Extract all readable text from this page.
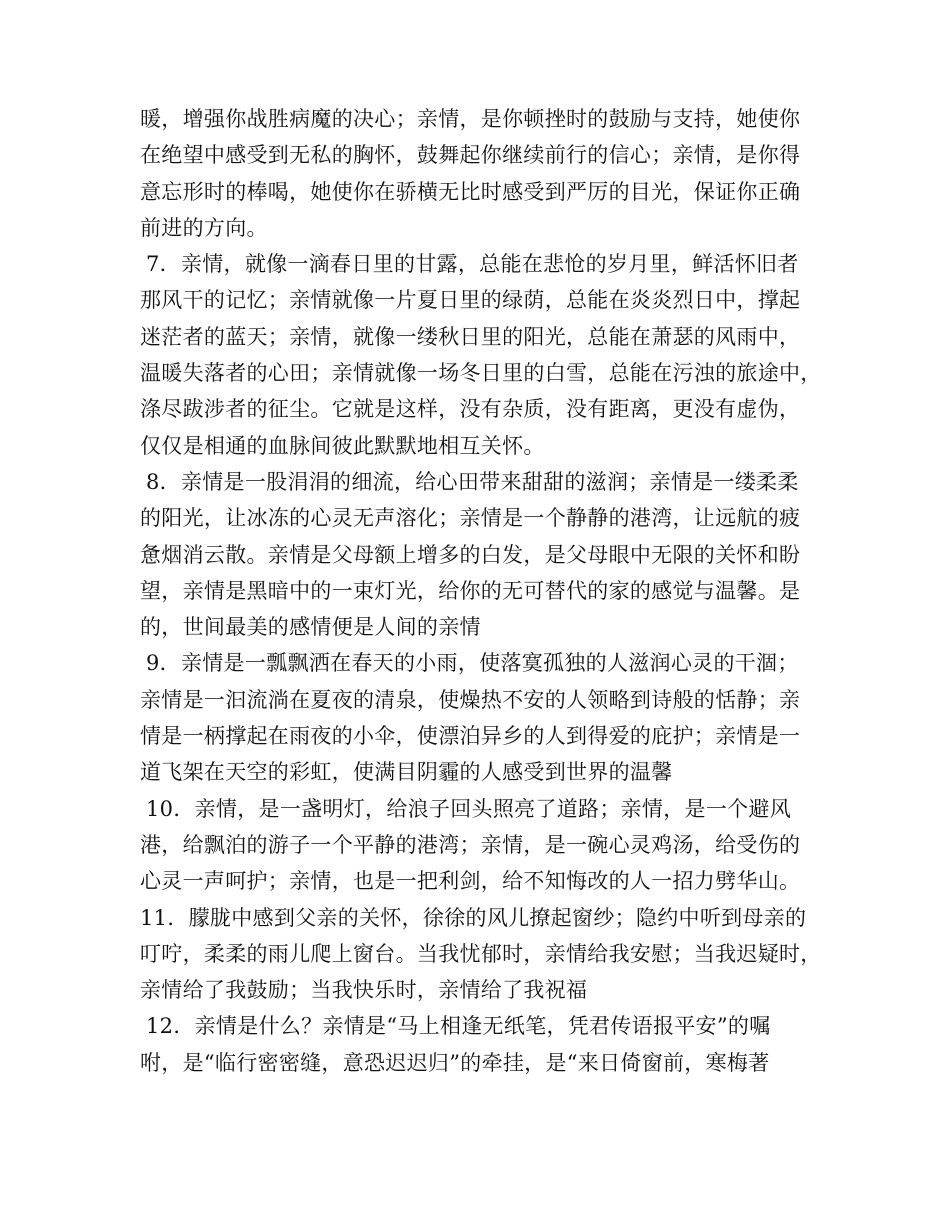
暖，增强你战胜病魔的决心；亲情，是你顿挫时的鼓励与支持，她使你
在绝望中感受到无私的胸怀，鼓舞起你继续前行的信心；亲情，是你得
意忘形时的棒喝，她使你在骄横无比时感受到严厉的目光，保证你正确
前进的方向。
7．亲情，就像一滴春日里的甘露，总能在悲怆的岁月里，鲜活怀旧者
那风干的记忆；亲情就像一片夏日里的绿荫，总能在炎炎烈日中，撑起
迷茫者的蓝天；亲情，就像一缕秋日里的阳光，总能在萧瑟的风雨中，
温暖失落者的心田；亲情就像一场冬日里的白雪，总能在污浊的旅途中，
涤尽跋涉者的征尘。它就是这样，没有杂质，没有距离，更没有虚伪，
仅仅是相通的血脉间彼此默默地相互关怀。
8．亲情是一股涓涓的细流，给心田带来甜甜的滋润；亲情是一缕柔柔
的阳光，让冰冻的心灵无声溶化；亲情是一个静静的港湾，让远航的疲
惫烟消云散。亲情是父母额上增多的白发，是父母眼中无限的关怀和盼
望，亲情是黑暗中的一束灯光，给你的无可替代的家的感觉与温馨。是
的，世间最美的感情便是人间的亲情
9．亲情是一瓢飘洒在春天的小雨，使落寞孤独的人滋润心灵的干涸；
亲情是一汩流淌在夏夜的清泉，使燥热不安的人领略到诗般的恬静；亲
情是一柄撑起在雨夜的小伞，使漂泊异乡的人到得爱的庇护；亲情是一
道飞架在天空的彩虹，使满目阴霾的人感受到世界的温馨
10．亲情，是一盏明灯，给浪子回头照亮了道路；亲情，是一个避风
港，给飘泊的游子一个平静的港湾；亲情，是一碗心灵鸡汤，给受伤的
心灵一声呵护；亲情，也是一把利剑，给不知悔改的人一招力劈华山。
11．朦胧中感到父亲的关怀，徐徐的风儿撩起窗纱；隐约中听到母亲的
叮咛，柔柔的雨儿爬上窗台。当我忧郁时，亲情给我安慰；当我迟疑时，
亲情给了我鼓励；当我快乐时，亲情给了我祝福
12．亲情是什么？亲情是“马上相逢无纸笔，凭君传语报平安”的嘱
咐，是“临行密密缝，意恐迟迟归”的牵挂，是“来日倚窗前，寒梅著
